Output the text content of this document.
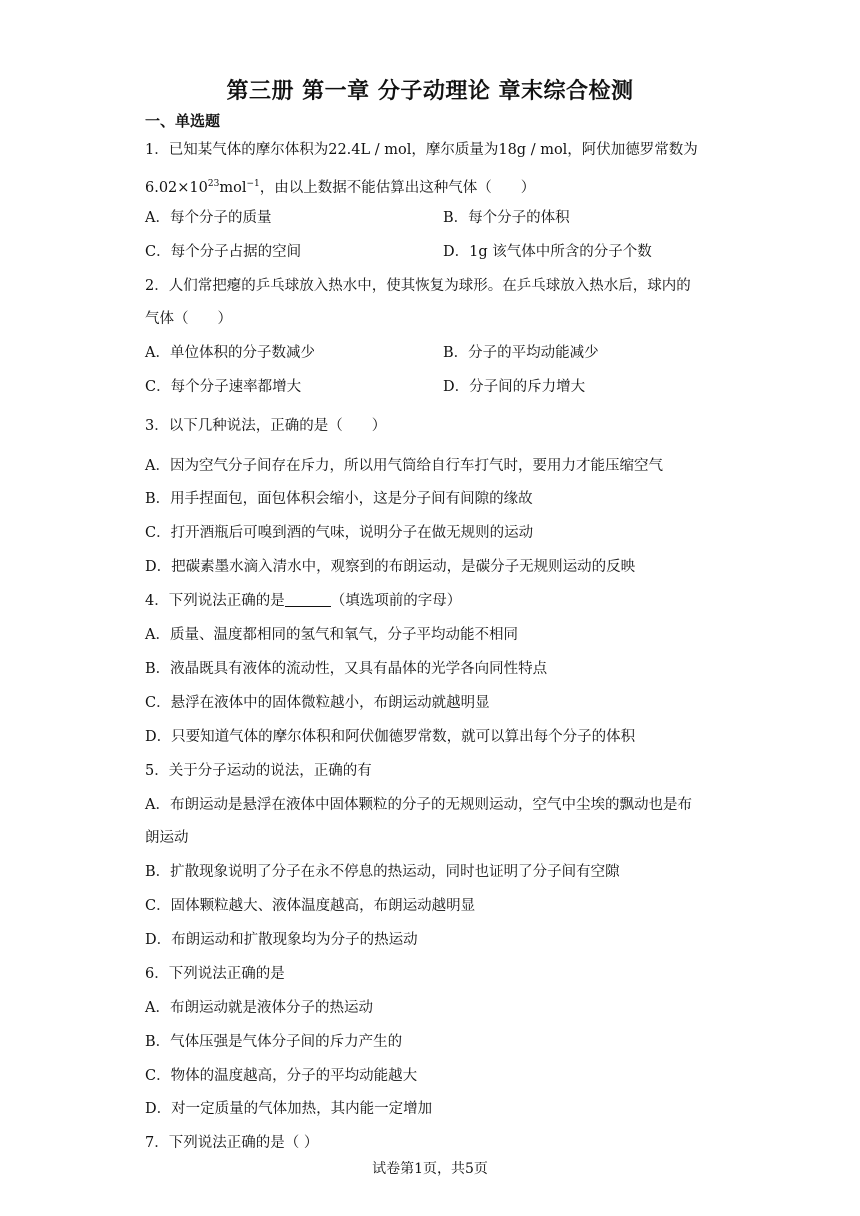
第三册 第一章 分子动理论 章末综合检测
一、单选题
1．已知某气体的摩尔体积为22.4L / mol，摩尔质量为18g / mol，阿伏加德罗常数为
$6.02\times 10^{23}mol^{-1}$，由以上数据不能估算出这种气体（　　）
A．每个分子的质量	B．每个分子的体积
C．每个分子占据的空间	D．1g 该气体中所含的分子个数
2．人们常把瘪的乒乓球放入热水中，使其恢复为球形。在乒乓球放入热水后，球内的
气体（　　）
A．单位体积的分子数减少	B．分子的平均动能减少
C．每个分子速率都增大	D．分子间的斥力增大
3．以下几种说法，正确的是（　　）
A．因为空气分子间存在斥力，所以用气筒给自行车打气时，要用力才能压缩空气
B．用手捏面包，面包体积会缩小，这是分子间有间隙的缘故
C．打开酒瓶后可嗅到酒的气味，说明分子在做无规则的运动
D．把碳素墨水滴入清水中，观察到的布朗运动，是碳分子无规则运动的反映
4．下列说法正确的是	（填选项前的字母）
A．质量、温度都相同的氢气和氧气，分子平均动能不相同
B．液晶既具有液体的流动性，又具有晶体的光学各向同性特点
C．悬浮在液体中的固体微粒越小，布朗运动就越明显
D．只要知道气体的摩尔体积和阿伏伽德罗常数，就可以算出每个分子的体积
5．关于分子运动的说法，正确的有
A．布朗运动是悬浮在液体中固体颗粒的分子的无规则运动，空气中尘埃的飘动也是布
朗运动
B．扩散现象说明了分子在永不停息的热运动，同时也证明了分子间有空隙
C．固体颗粒越大、液体温度越高，布朗运动越明显
D．布朗运动和扩散现象均为分子的热运动
6．下列说法正确的是
A．布朗运动就是液体分子的热运动
B．气体压强是气体分子间的斥力产生的
C．物体的温度越高，分子的平均动能越大
D．对一定质量的气体加热，其内能一定增加
7．下列说法正确的是（ ）
试卷第1页，共5页
